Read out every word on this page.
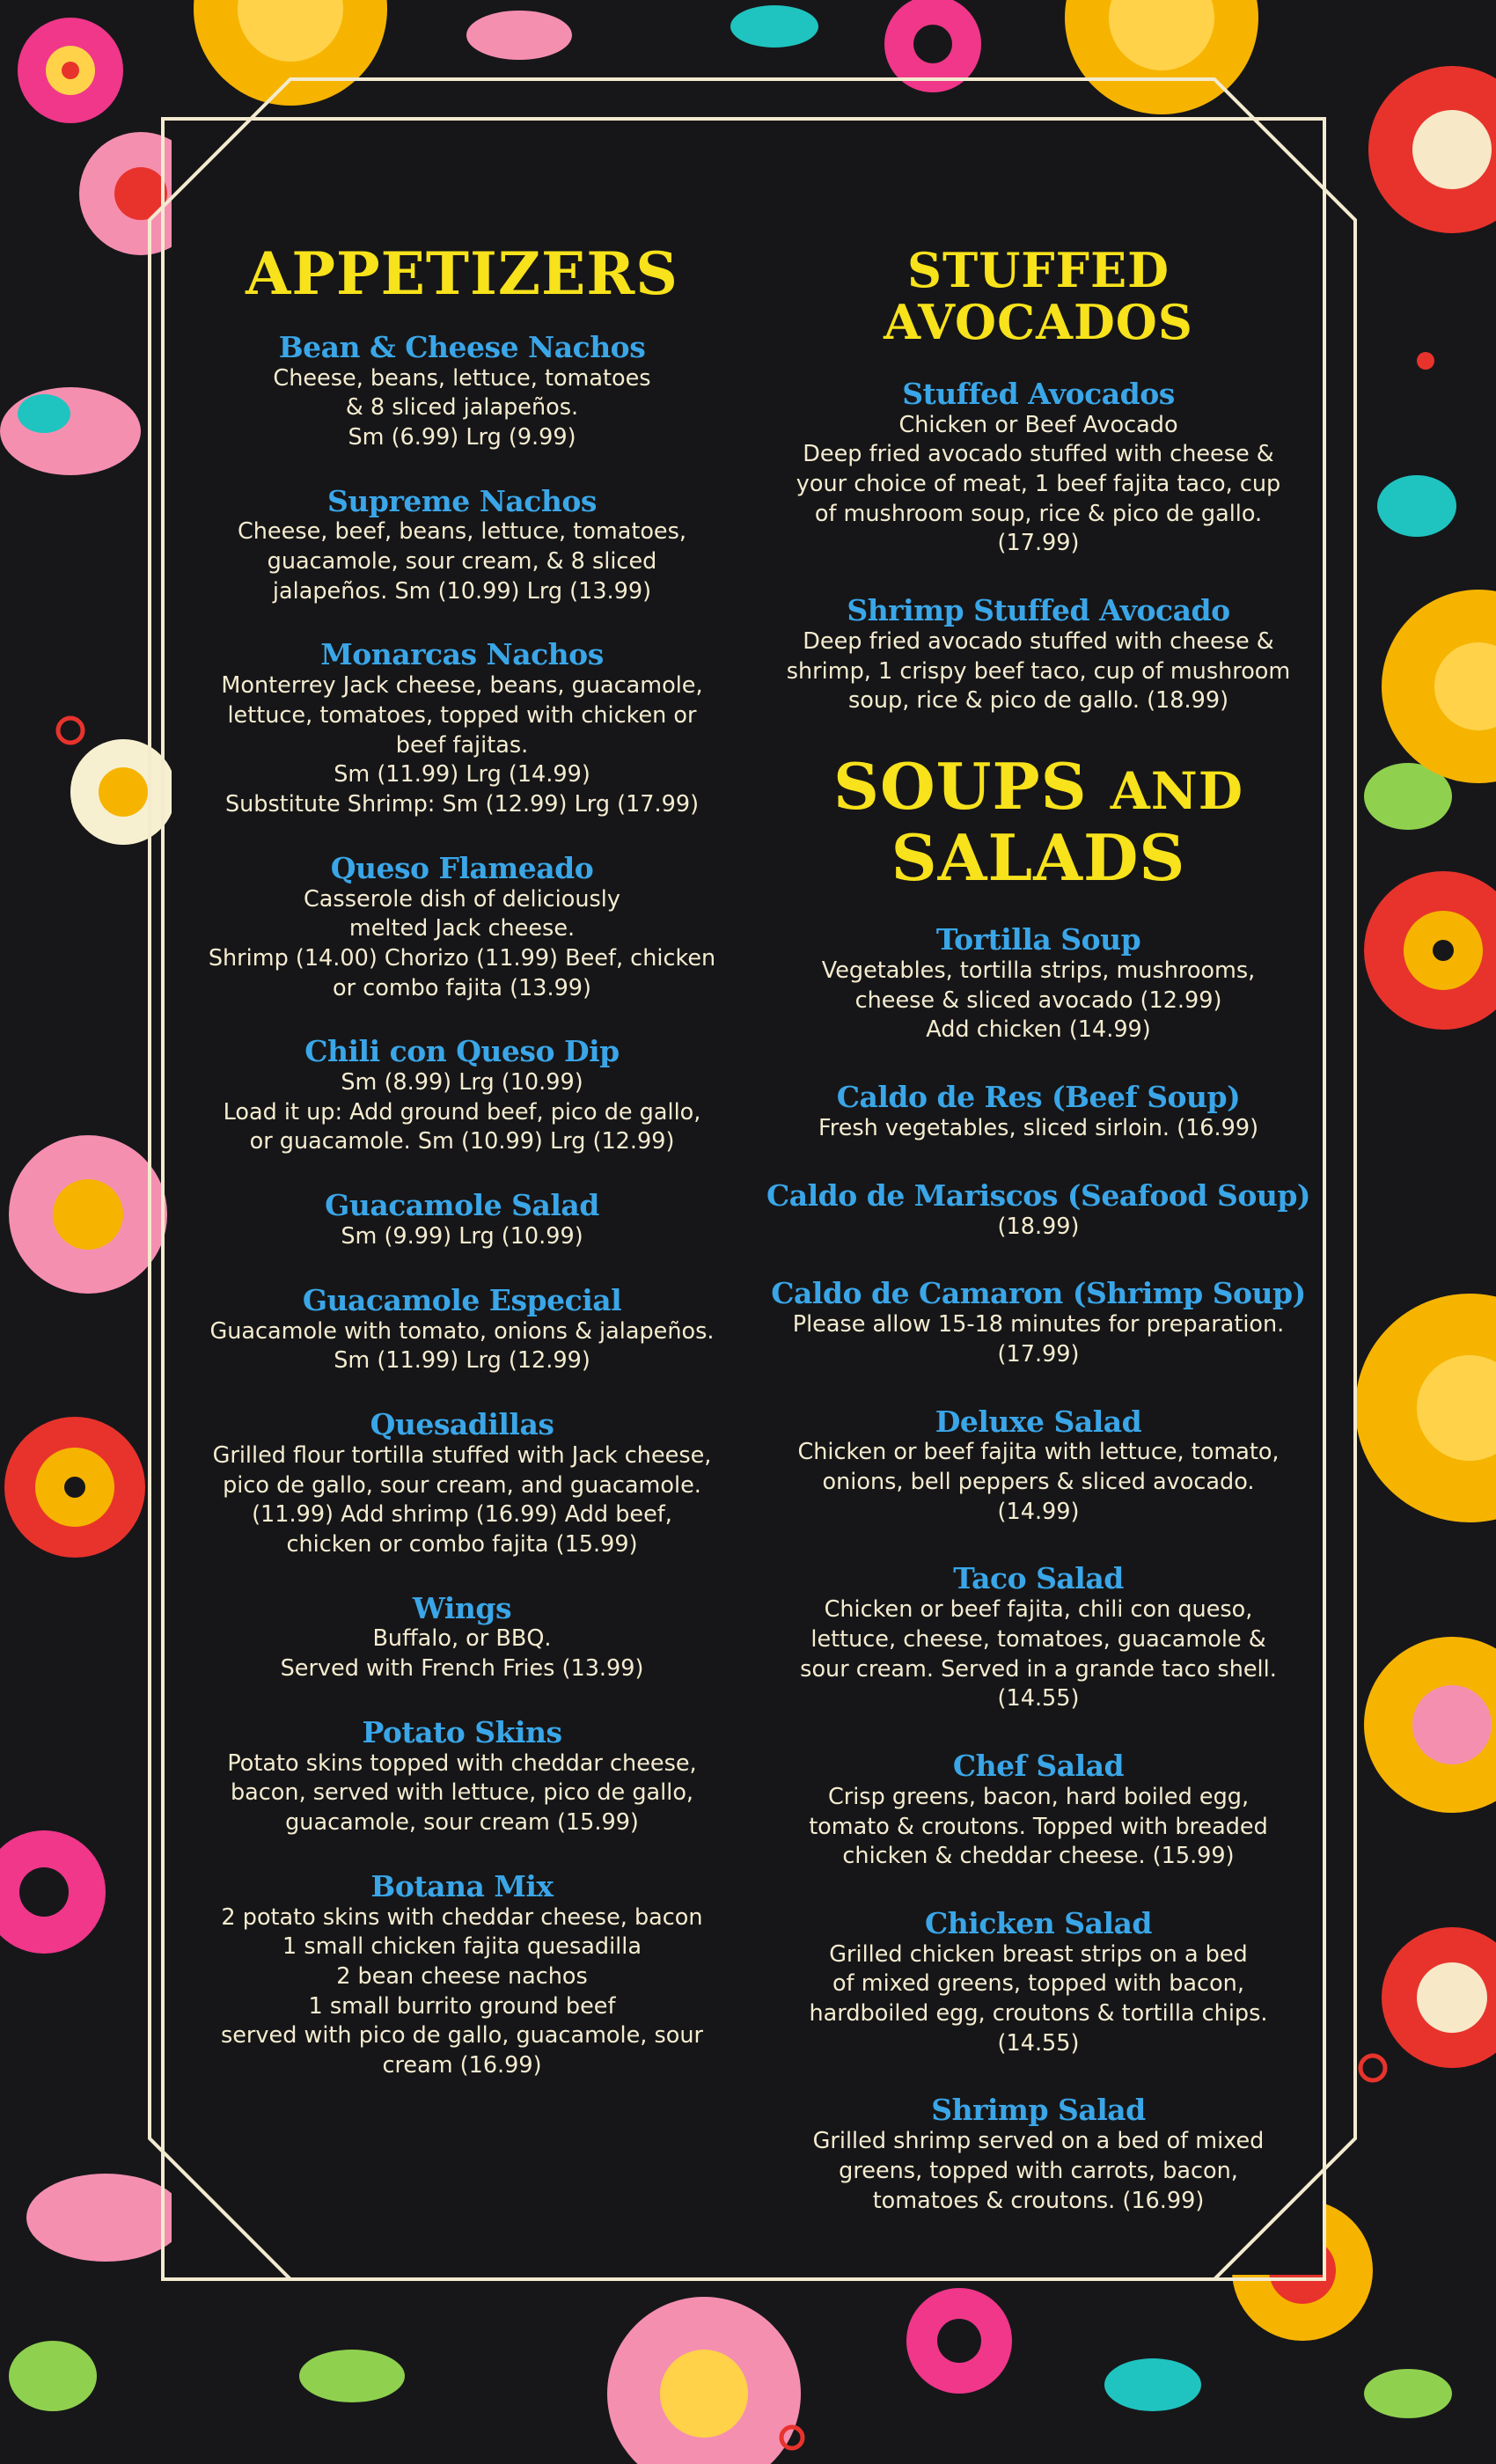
APPETIZERS
Bean & Cheese Nachos
Cheese, beans, lettuce, tomatoes
& 8 sliced jalapeños.
Sm (6.99) Lrg (9.99)
Supreme Nachos
Cheese, beef, beans, lettuce, tomatoes,
guacamole, sour cream, & 8 sliced
jalapeños. Sm (10.99) Lrg (13.99)
Monarcas Nachos
Monterrey Jack cheese, beans, guacamole,
lettuce, tomatoes, topped with chicken or
beef fajitas.
Sm (11.99) Lrg (14.99)
Substitute Shrimp: Sm (12.99) Lrg (17.99)
Queso Flameado
Casserole dish of deliciously
melted Jack cheese.
Shrimp (14.00) Chorizo (11.99) Beef, chicken
or combo fajita (13.99)
Chili con Queso Dip
Sm (8.99) Lrg (10.99)
Load it up: Add ground beef, pico de gallo,
or guacamole. Sm (10.99) Lrg (12.99)
Guacamole Salad
Sm (9.99) Lrg (10.99)
Guacamole Especial
Guacamole with tomato, onions & jalapeños.
Sm (11.99) Lrg (12.99)
Quesadillas
Grilled flour tortilla stuffed with Jack cheese,
pico de gallo, sour cream, and guacamole.
(11.99) Add shrimp (16.99) Add beef,
chicken or combo fajita (15.99)
Wings
Buffalo, or BBQ.
Served with French Fries (13.99)
Potato Skins
Potato skins topped with cheddar cheese,
bacon, served with lettuce, pico de gallo,
guacamole, sour cream (15.99)
Botana Mix
2 potato skins with cheddar cheese, bacon
1 small chicken fajita quesadilla
2 bean cheese nachos
1 small burrito ground beef
served with pico de gallo, guacamole, sour
cream (16.99)
STUFFED AVOCADOS
Stuffed Avocados
Chicken or Beef Avocado
Deep fried avocado stuffed with cheese &
your choice of meat, 1 beef fajita taco, cup
of mushroom soup, rice & pico de gallo.
(17.99)
Shrimp Stuffed Avocado
Deep fried avocado stuffed with cheese &
shrimp, 1 crispy beef taco, cup of mushroom
soup, rice & pico de gallo. (18.99)
SOUPS AND
SALADS
Tortilla Soup
Vegetables, tortilla strips, mushrooms,
cheese & sliced avocado (12.99)
Add chicken (14.99)
Caldo de Res (Beef Soup)
Fresh vegetables, sliced sirloin. (16.99)
Caldo de Mariscos (Seafood Soup)
(18.99)
Caldo de Camaron (Shrimp Soup)
Please allow 15-18 minutes for preparation.
(17.99)
Deluxe Salad
Chicken or beef fajita with lettuce, tomato,
onions, bell peppers & sliced avocado.
(14.99)
Taco Salad
Chicken or beef fajita, chili con queso,
lettuce, cheese, tomatoes, guacamole &
sour cream. Served in a grande taco shell.
(14.55)
Chef Salad
Crisp greens, bacon, hard boiled egg,
tomato & croutons. Topped with breaded
chicken & cheddar cheese. (15.99)
Chicken Salad
Grilled chicken breast strips on a bed
of mixed greens, topped with bacon,
hardboiled egg, croutons & tortilla chips.
(14.55)
Shrimp Salad
Grilled shrimp served on a bed of mixed
greens, topped with carrots, bacon,
tomatoes & croutons. (16.99)
